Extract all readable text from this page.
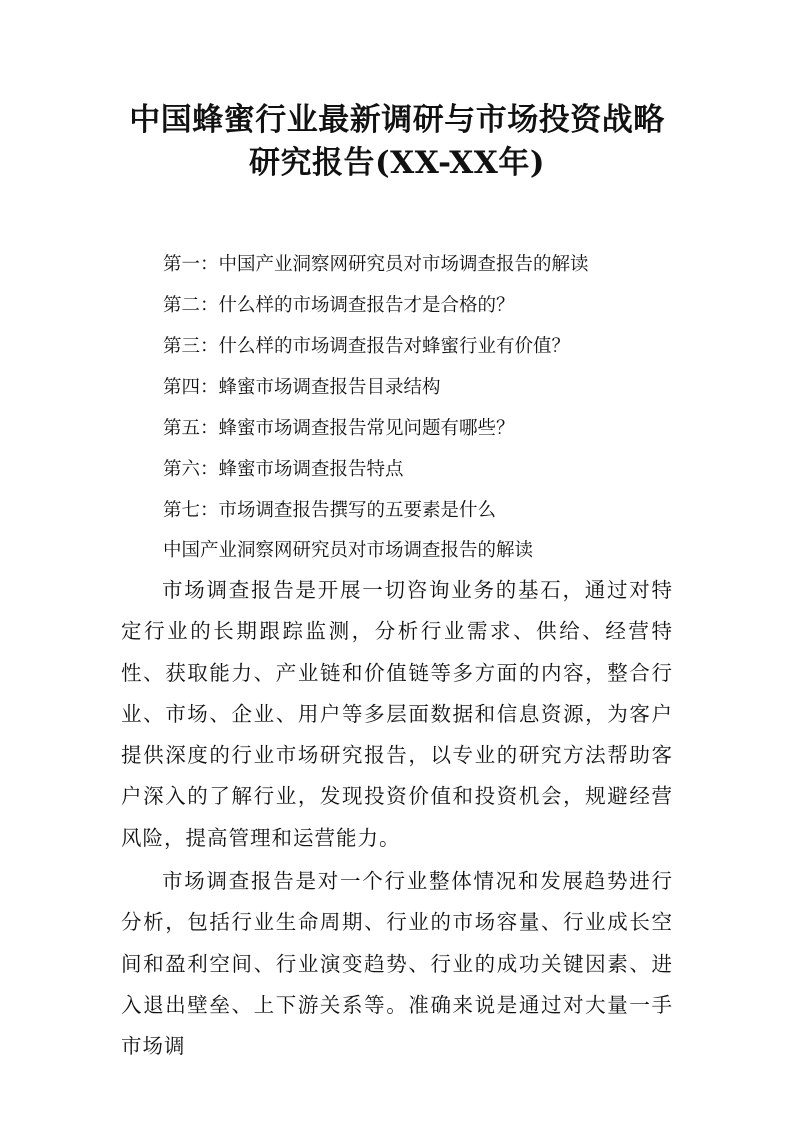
中国蜂蜜行业最新调研与市场投资战略
研究报告(XX-XX年)
第一：中国产业洞察网研究员对市场调查报告的解读
第二：什么样的市场调查报告才是合格的？
第三：什么样的市场调查报告对蜂蜜行业有价值？
第四：蜂蜜市场调查报告目录结构
第五：蜂蜜市场调查报告常见问题有哪些？
第六：蜂蜜市场调查报告特点
第七：市场调查报告撰写的五要素是什么

中国产业洞察网研究员对市场调查报告的解读

市场调查报告是开展一切咨询业务的基石，通过对特定行业的长期跟踪监测，分析行业需求、供给、经营特性、获取能力、产业链和价值链等多方面的内容，整合行业、市场、企业、用户等多层面数据和信息资源，为客户提供深度的行业市场研究报告，以专业的研究方法帮助客户深入的了解行业，发现投资价值和投资机会，规避经营风险，提高管理和运营能力。

市场调查报告是对一个行业整体情况和发展趋势进行分析，包括行业生命周期、行业的市场容量、行业成长空间和盈利空间、行业演变趋势、行业的成功关键因素、进入退出壁垒、上下游关系等。准确来说是通过对大量一手市场调
